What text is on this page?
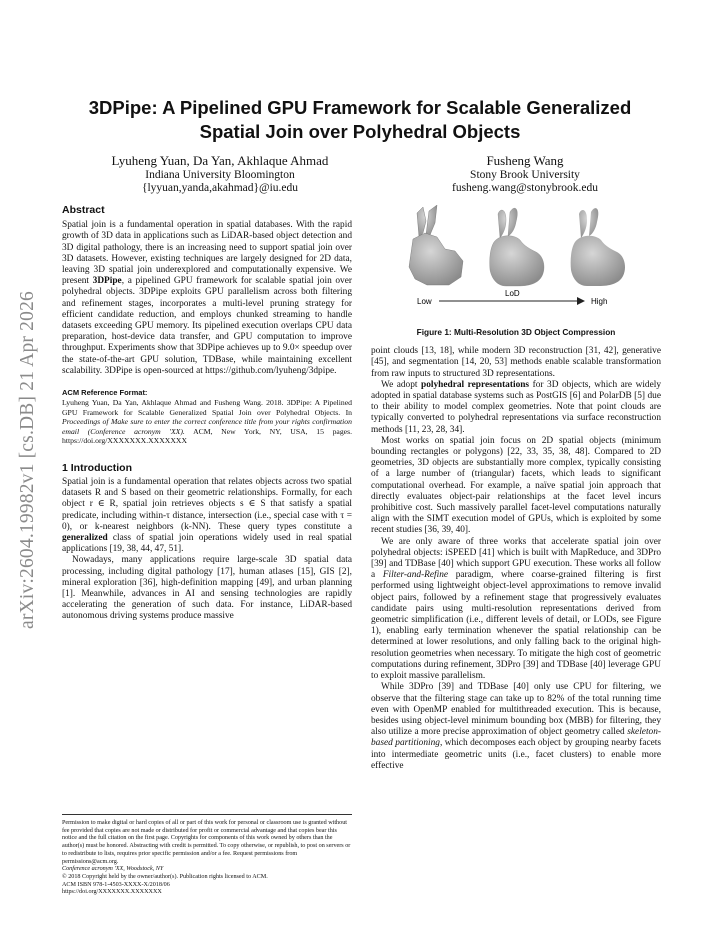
arXiv:2604.19982v1 [cs.DB] 21 Apr 2026
3DPipe: A Pipelined GPU Framework for Scalable Generalized
Spatial Join over Polyhedral Objects
Lyuheng Yuan, Da Yan, Akhlaque Ahmad
Indiana University Bloomington
{lyyuan,yanda,akahmad}@iu.edu
Fusheng Wang
Stony Brook University
fusheng.wang@stonybrook.edu
Abstract

Spatial join is a fundamental operation in spatial databases. With the rapid growth of 3D data in applications such as LiDAR-based object detection and 3D digital pathology, there is an increasing need to support spatial join over 3D datasets. However, existing techniques are largely designed for 2D data, leaving 3D spatial join underexplored and computationally expensive. We present 3DPipe, a pipelined GPU framework for scalable spatial join over polyhedral objects. 3DPipe exploits GPU parallelism across both filtering and refinement stages, incorporates a multi-level pruning strategy for efficient candidate reduction, and employs chunked streaming to handle datasets exceeding GPU memory. Its pipelined execution overlaps CPU data preparation, host-device data transfer, and GPU computation to improve throughput. Experiments show that 3DPipe achieves up to 9.0× speedup over the state-of-the-art GPU solution, TDBase, while maintaining excellent scalability. 3DPipe is open-sourced at https://github.com/lyuheng/3dpipe.

ACM Reference Format:

Lyuheng Yuan, Da Yan, Akhlaque Ahmad and Fusheng Wang. 2018. 3DPipe: A Pipelined GPU Framework for Scalable Generalized Spatial Join over Polyhedral Objects. In Proceedings of Make sure to enter the correct conference title from your rights confirmation email (Conference acronym 'XX). ACM, New York, NY, USA, 15 pages. https://doi.org/XXXXXXX.XXXXXXX

1 Introduction

Spatial join is a fundamental operation that relates objects across two spatial datasets R and S based on their geometric relationships. Formally, for each object r ∈ R, spatial join retrieves objects s ∈ S that satisfy a spatial predicate, including within-τ distance, intersection (i.e., special case with τ = 0), or k-nearest neighbors (k-NN). These query types constitute a generalized class of spatial join operations widely used in real spatial applications [19, 38, 44, 47, 51].

Nowadays, many applications require large-scale 3D spatial data processing, including digital pathology [17], human atlases [15], GIS [2], mineral exploration [36], high-definition mapping [49], and urban planning [1]. Meanwhile, advances in AI and sensing technologies are rapidly accelerating the generation of such data. For instance, LiDAR-based autonomous driving systems produce massive

Permission to make digital or hard copies of all or part of this work for personal or classroom use is granted without fee provided that copies are not made or distributed for profit or commercial advantage and that copies bear this notice and the full citation on the first page. Copyrights for components of this work owned by others than the author(s) must be honored. Abstracting with credit is permitted. To copy otherwise, or republish, to post on servers or to redistribute to lists, requires prior specific permission and/or a fee. Request permissions from permissions@acm.org.
Conference acronym 'XX, Woodstock, NY
© 2018 Copyright held by the owner/author(s). Publication rights licensed to ACM.
ACM ISBN 978-1-4503-XXXX-X/2018/06
https://doi.org/XXXXXXX.XXXXXXX
Low
LoD
High
Figure 1: Multi-Resolution 3D Object Compression

point clouds [13, 18], while modern 3D reconstruction [31, 42], generative [45], and segmentation [14, 20, 53] methods enable scalable transformation from raw inputs to structured 3D representations.

We adopt polyhedral representations for 3D objects, which are widely adopted in spatial database systems such as PostGIS [6] and PolarDB [5] due to their ability to model complex geometries. Note that point clouds are typically converted to polyhedral representations via surface reconstruction methods [11, 23, 28, 34].

Most works on spatial join focus on 2D spatial objects (minimum bounding rectangles or polygons) [22, 33, 35, 38, 48]. Compared to 2D geometries, 3D objects are substantially more complex, typically consisting of a large number of (triangular) facets, which leads to significant computational overhead. For example, a naïve spatial join approach that directly evaluates object-pair relationships at the facet level incurs prohibitive cost. Such massively parallel facet-level computations naturally align with the SIMT execution model of GPUs, which is exploited by some recent studies [36, 39, 40].

We are only aware of three works that accelerate spatial join over polyhedral objects: iSPEED [41] which is built with MapReduce, and 3DPro [39] and TDBase [40] which support GPU execution. These works all follow a Filter-and-Refine paradigm, where coarse-grained filtering is first performed using lightweight object-level approximations to remove invalid object pairs, followed by a refinement stage that progressively evaluates candidate pairs using multi-resolution representations derived from geometric simplification (i.e., different levels of detail, or LODs, see Figure 1), enabling early termination whenever the spatial relationship can be determined at lower resolutions, and only falling back to the original high-resolution geometries when necessary. To mitigate the high cost of geometric computations during refinement, 3DPro [39] and TDBase [40] leverage GPU to exploit massive parallelism.

While 3DPro [39] and TDBase [40] only use CPU for filtering, we observe that the filtering stage can take up to 82% of the total running time even with OpenMP enabled for multithreaded execution. This is because, besides using object-level minimum bounding box (MBB) for filtering, they also utilize a more precise approximation of object geometry called skeleton-based partitioning, which decomposes each object by grouping nearby facets into intermediate geometric units (i.e., facet clusters) to enable more effective
